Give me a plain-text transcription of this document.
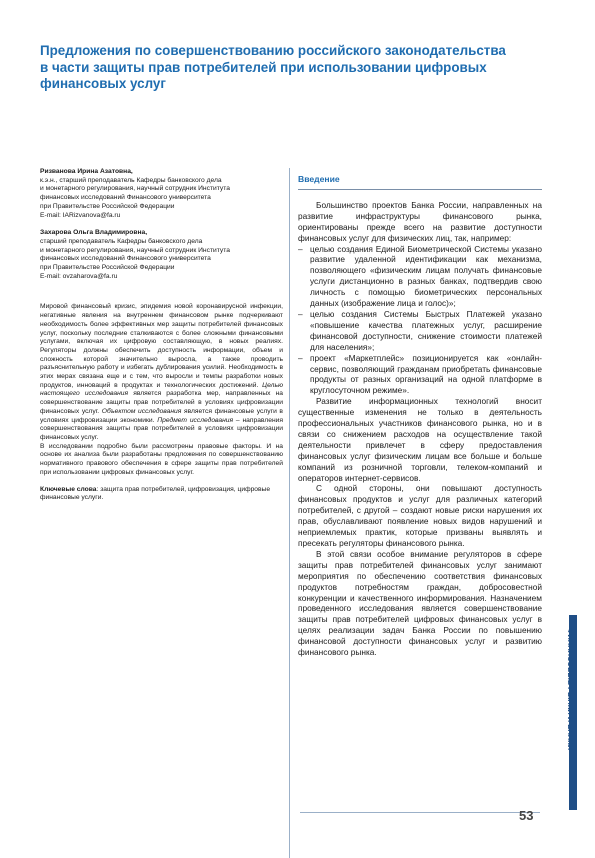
Предложения по совершенствованию российского законодательства
в части защиты прав потребителей при использовании цифровых
финансовых услуг
Ризванова Ирина Азатовна,
к.э.н., старший преподаватель Кафедры банковского дела
и монетарного регулирования, научный сотрудник Института
финансовых исследований Финансового университета
при Правительстве Российской Федерации
E-mail: IARizvanova@fa.ru
Захарова Ольга Владимировна,
старший преподаватель Кафедры банковского дела
и монетарного регулирования, научный сотрудник Института
финансовых исследований Финансового университета
при Правительстве Российской Федерации
E-mail: ovzaharova@fa.ru

Мировой финансовый кризис, эпидемия новой коронавирусной инфекции, негативные явления на внутреннем финансовом рынке подчеркивают необходимость более эффективных мер защиты потребителей финансовых услуг, поскольку последние сталкиваются с более сложными финансовыми услугами, включая их цифровую составляющую, в новых реалиях. Регуляторы должны обеспечить доступность информации, объем и сложность которой значительно выросла, а также проводить разъяснительную работу и избегать дублирования усилий. Необходимость в этих мерах связана еще и с тем, что выросли и темпы разработки новых продуктов, инноваций в продуктах и технологических достижений. Целью настоящего исследования является разработка мер, направленных на совершенствование защиты прав потребителей в условиях цифровизации финансовых услуг. Объектом исследования является финансовые услуги в условиях цифровизации экономики. Предмет исследования – направления совершенствования защиты прав потребителей в условиях цифровизации финансовых услуг.

В исследовании подробно были рассмотрены правовые факторы. И на основе их анализа были разработаны предложения по совершенствованию нормативного правового обеспечения в сфере защиты прав потребителей при использовании цифровых финансовых услуг.

Ключевые слова: защита прав потребителей, цифровизация, цифровые финансовые услуги.
Введение

Большинство проектов Банка России, направленных на развитие инфраструктуры финансового рынка, ориентированы прежде всего на развитие доступности финансовых услуг для физических лиц, так, например:

– целью создания Единой Биометрической Системы указано развитие удаленной идентификации как механизма, позволяющего «физическим лицам получать финансовые услуги дистанционно в разных банках, подтвердив свою личность с помощью биометрических персональных данных (изображение лица и голос)»;
– целью создания Системы Быстрых Платежей указано «повышение качества платежных услуг, расширение финансовой доступности, снижение стоимости платежей для населения»;
– проект «Маркетплейс» позиционируется как «онлайн-сервис, позволяющий гражданам приобретать финансовые продукты от разных организаций на одной платформе в круглосуточном режиме».

Развитие информационных технологий вносит существенные изменения не только в деятельность профессиональных участников финансового рынка, но и в связи со снижением расходов на осуществление такой деятельности привлечет в сферу предоставления финансовых услуг физическим лицам все больше и больше компаний из розничной торговли, телеком-компаний и операторов интернет-сервисов.

С одной стороны, они повышают доступность финансовых продуктов и услуг для различных категорий потребителей, с другой – создают новые риски нарушения их прав, обуславливают появление новых видов нарушений и неприемлемых практик, которые призваны выявлять и пресекать регуляторы финансового рынка.

В этой связи особое внимание регуляторов в сфере защиты прав потребителей финансовых услуг занимают мероприятия по обеспечению соответствия финансовых продуктов потребностям граждан, добросовестной конкуренции и качественного информирования. Назначением проведенного исследования является совершенствование защиты прав потребителей цифровых финансовых услуг в целях реализации задач Банка России по повышению финансовой доступности финансовых услуг и развитию финансового рынка.	ФИНАНСОВЫЕ РЫНКИ И БАНКИ
53
